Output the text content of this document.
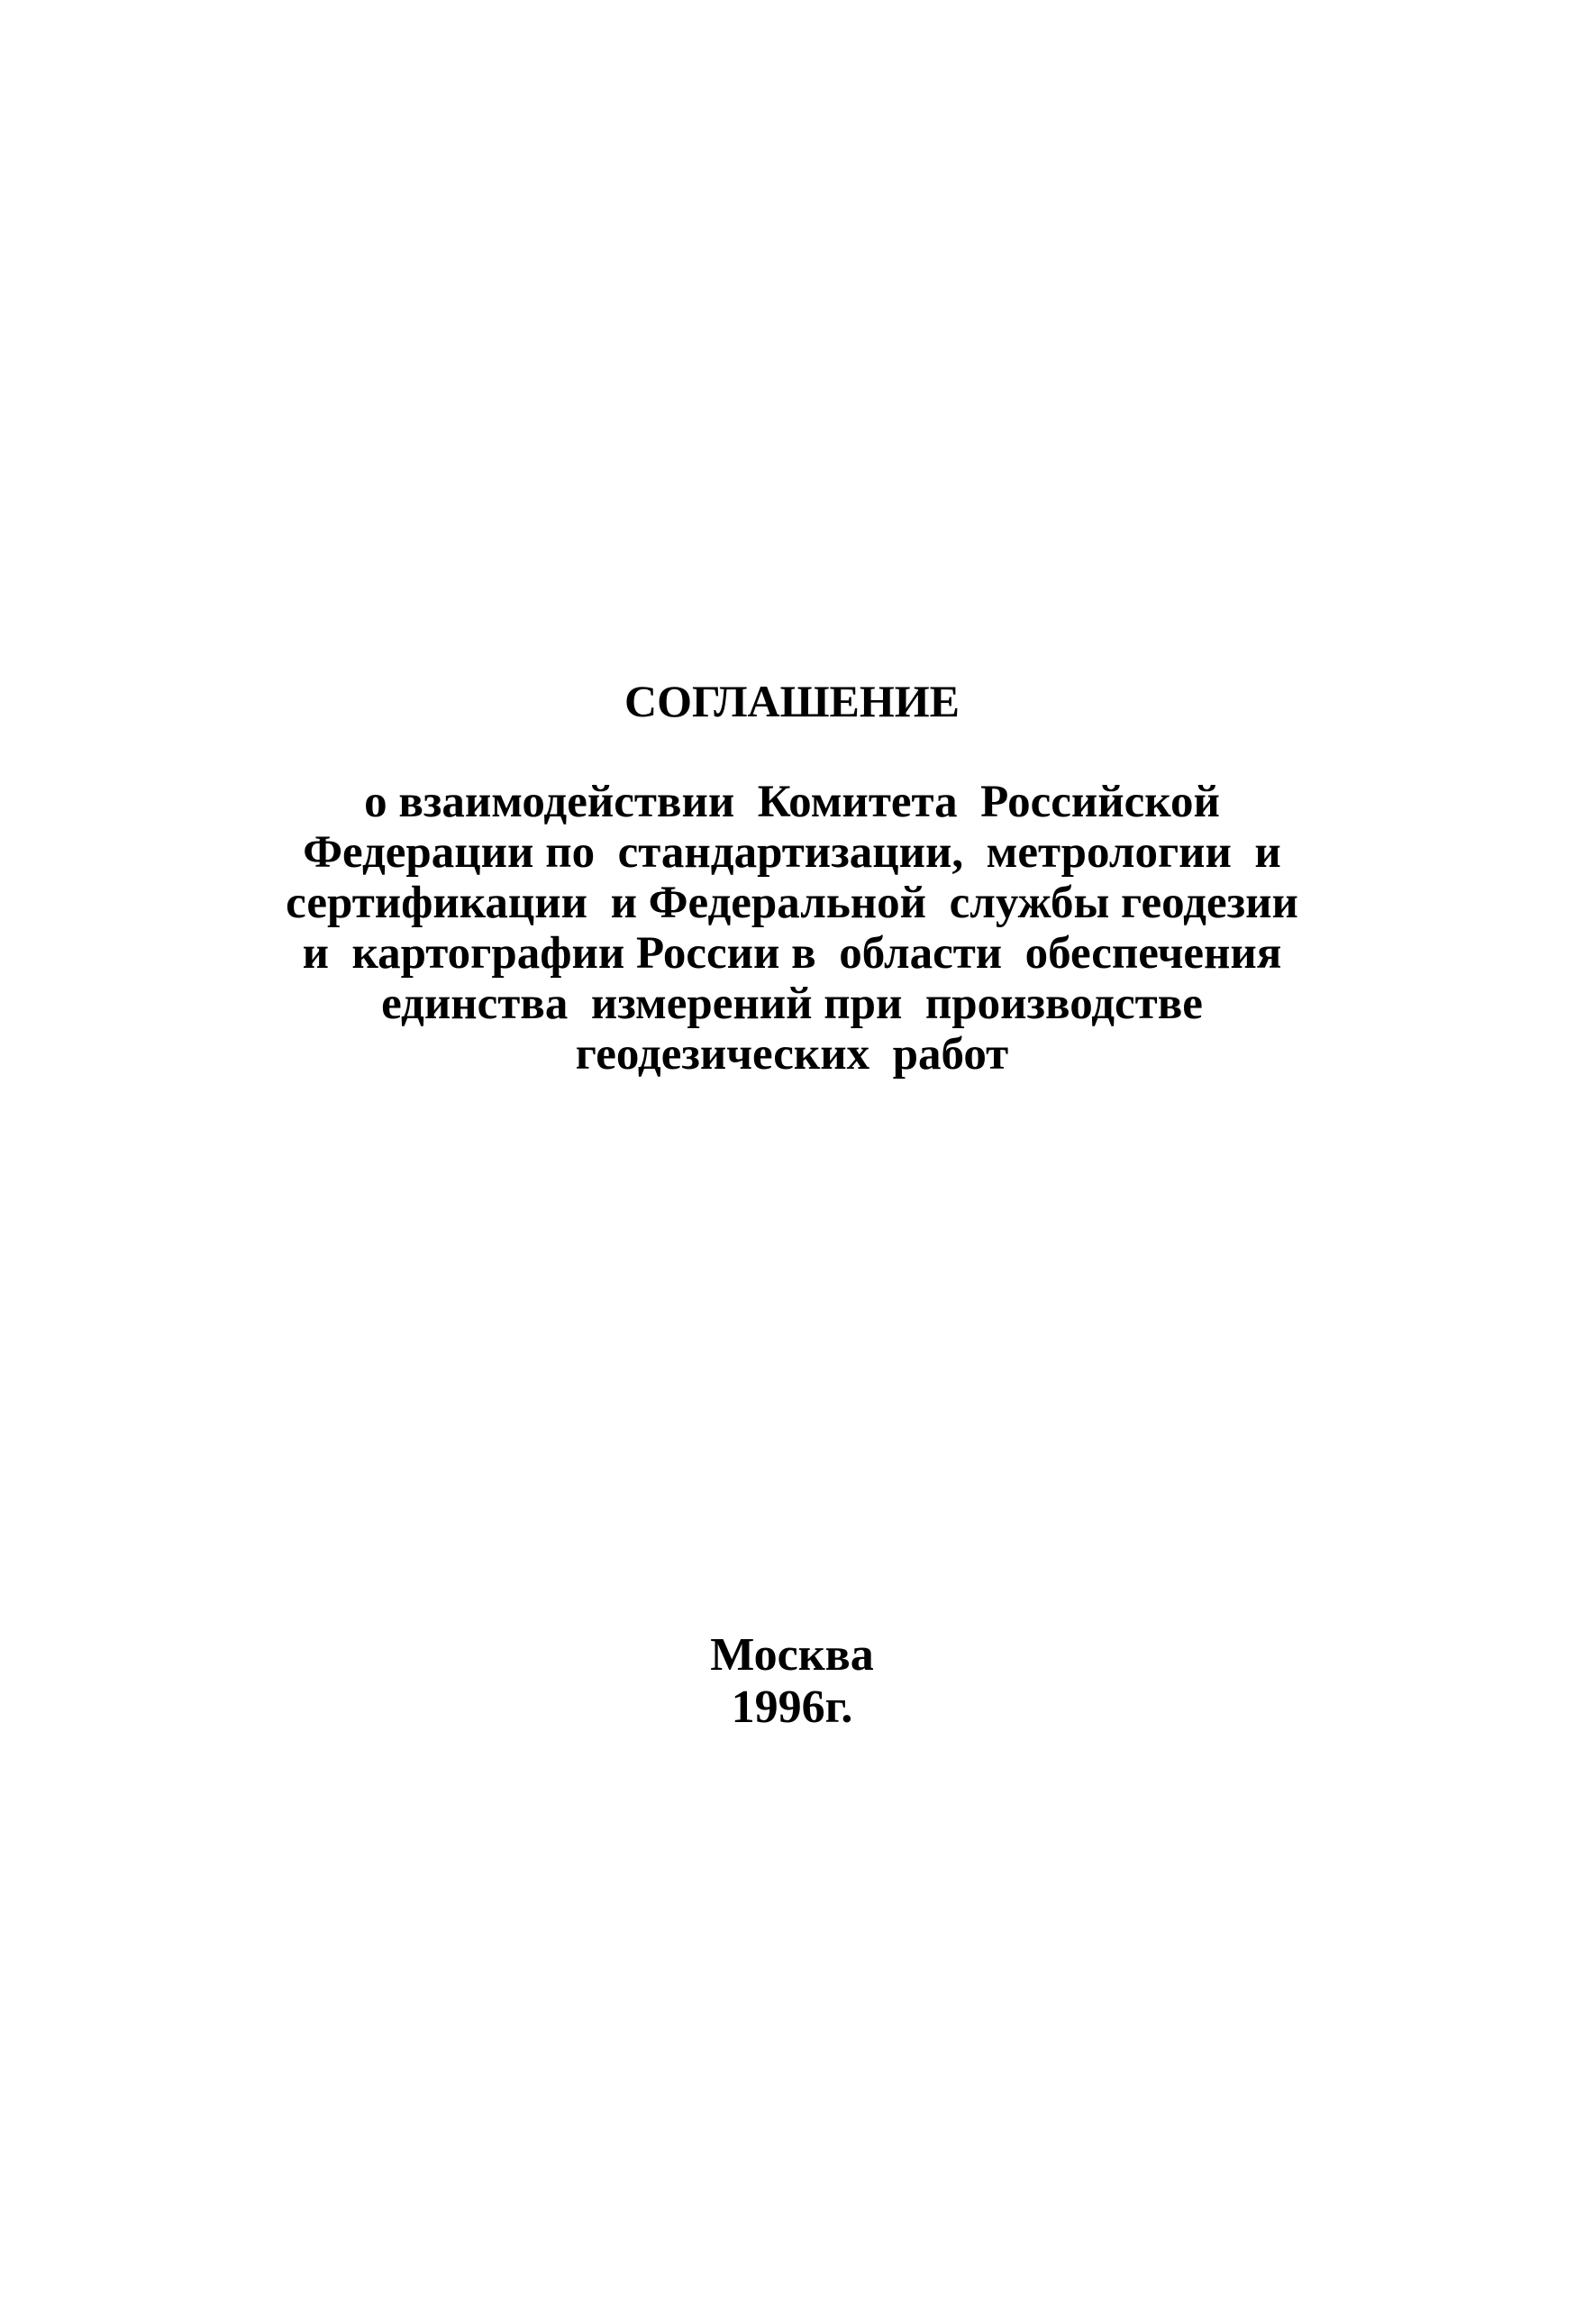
СОГЛАШЕНИЕ
о взаимодействии  Комитета  Российской
Федерации по  стандартизации,  метрологии  и
сертификации  и Федеральной  службы геодезии
и  картографии России в  области  обеспечения
единства  измерений при  производстве
геодезических  работ
Москва
1996г.
